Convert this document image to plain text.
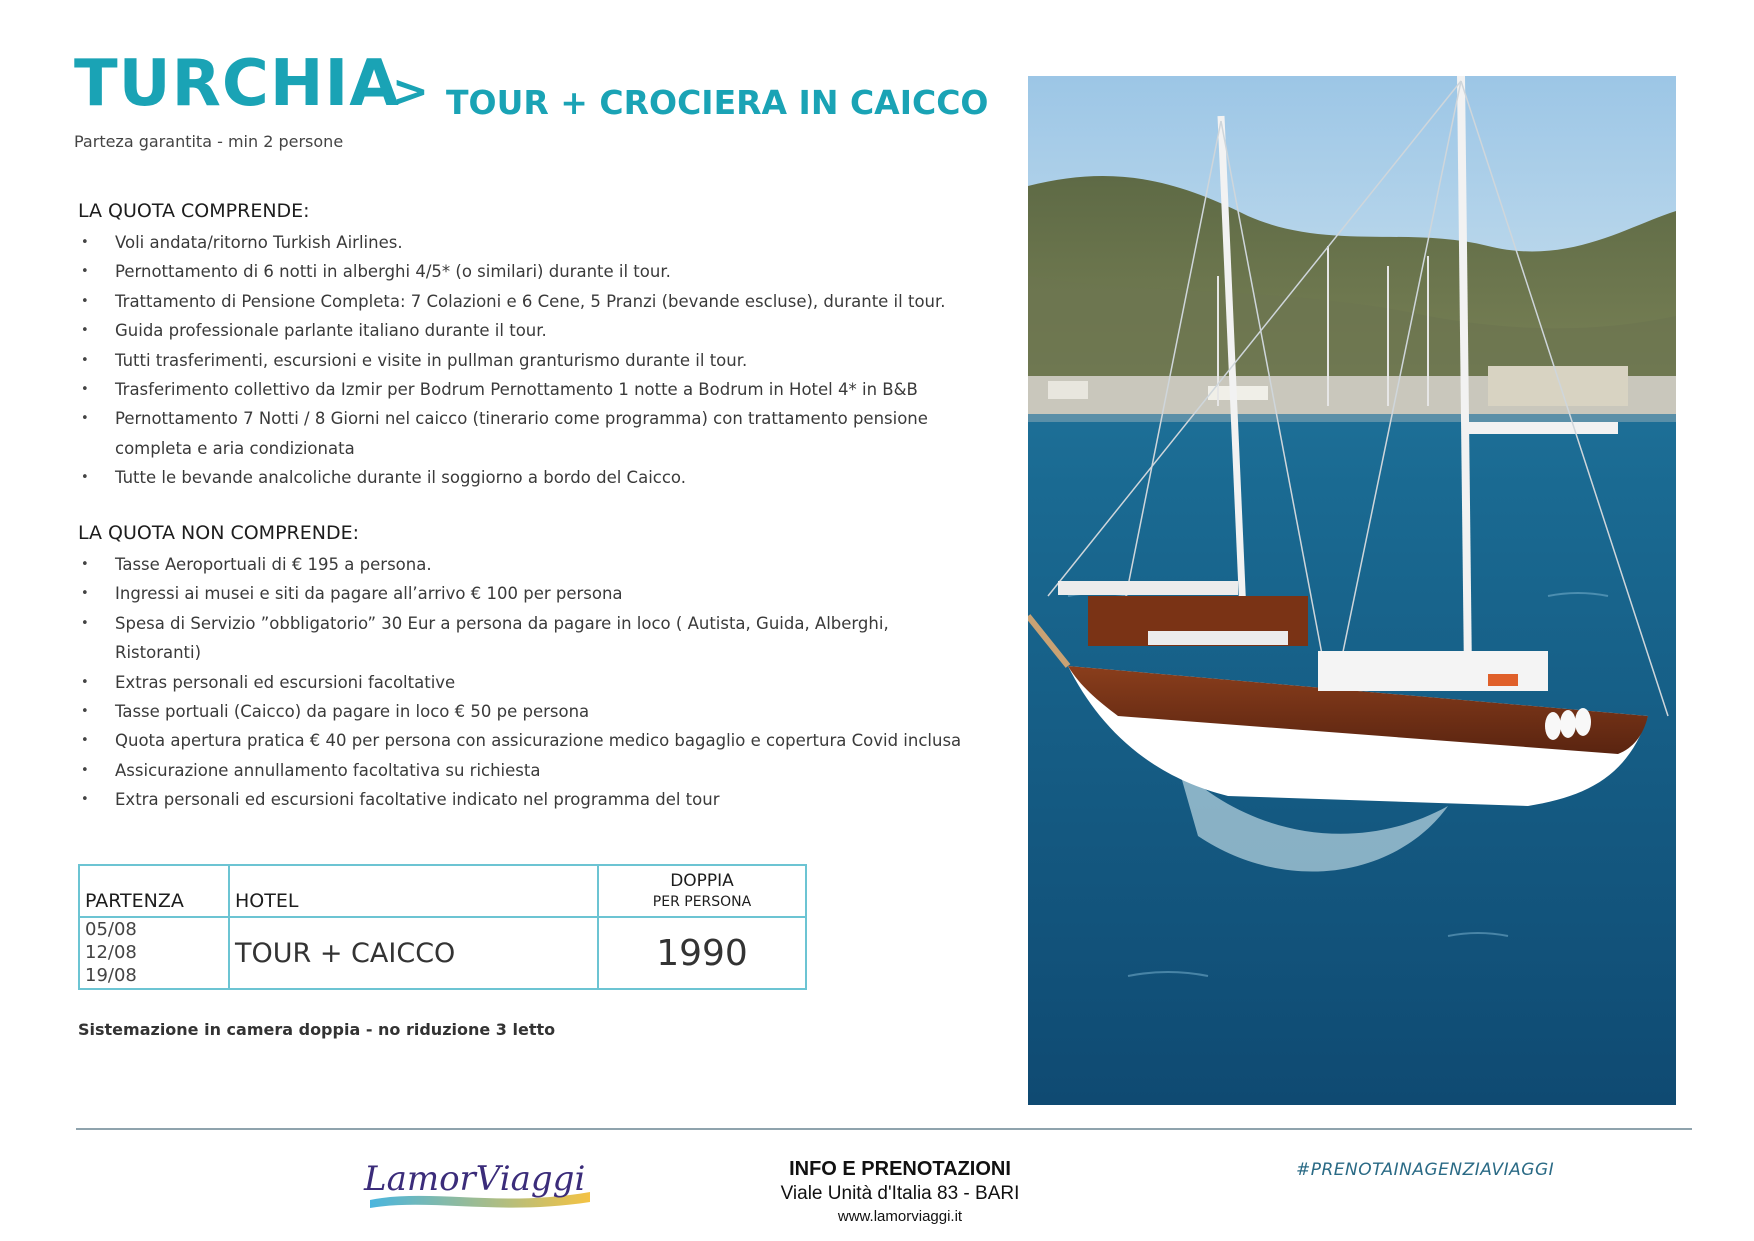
TURCHIA
> TOUR + CROCIERA IN CAICCO
Parteza garantita - min 2 persone
LA QUOTA COMPRENDE:
• Voli andata/ritorno Turkish Airlines.
• Pernottamento di 6 notti in alberghi 4/5* (o similari) durante il tour.
• Trattamento di Pensione Completa: 7 Colazioni e 6 Cene, 5 Pranzi (bevande escluse), durante il tour.
• Guida professionale parlante italiano durante il tour.
• Tutti trasferimenti, escursioni e visite in pullman granturismo durante il tour.
• Trasferimento collettivo da Izmir per Bodrum Pernottamento 1 notte a Bodrum in Hotel 4* in B&B
• Pernottamento 7 Notti / 8 Giorni nel caicco (tinerario come programma) con trattamento pensione completa e aria condizionata
• Tutte le bevande analcoliche durante il soggiorno a bordo del Caicco.
LA QUOTA NON COMPRENDE:
• Tasse Aeroportuali di € 195 a persona.
• Ingressi ai musei e siti da pagare all’arrivo € 100 per persona
• Spesa di Servizio ”obbligatorio” 30 Eur a persona da pagare in loco ( Autista, Guida, Alberghi, Ristoranti)
• Extras personali ed escursioni facoltative
• Tasse portuali (Caicco) da pagare in loco € 50 pe persona
• Quota apertura pratica € 40 per persona con assicurazione medico bagaglio e copertura Covid inclusa
• Assicurazione annullamento facoltativa su richiesta
• Extra personali ed escursioni facoltative indicato nel programma del tour
PARTENZA	HOTEL	DOPPIA
PER PERSONA

05/08
12/08
19/08	TOUR + CAICCO	1990
Sistemazione in camera doppia - no riduzione 3 letto
LamorViaggi	INFO E PRENOTAZIONI
Viale Unità d'Italia 83 - BARI
www.lamorviaggi.it
#PRENOTAINAGENZIAVIAGGI
